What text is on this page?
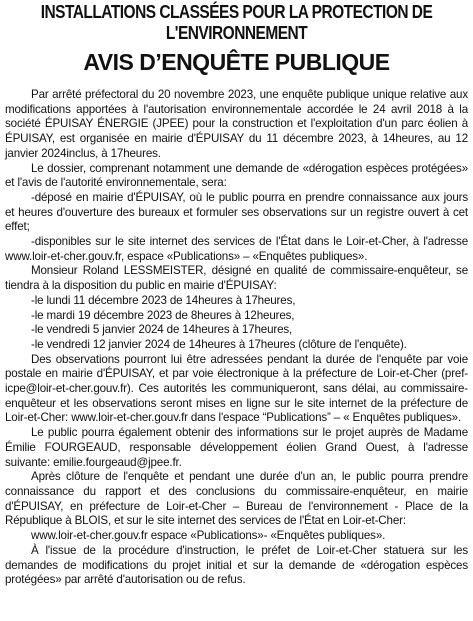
INSTALLATIONS CLASSÉES POUR LA PROTECTION DE
L'ENVIRONNEMENT
AVIS D’ENQUÊTE PUBLIQUE

Par arrêté préfectoral du 20 novembre 2023, une enquête publique unique relative aux modifications apportées à l'autorisation environnementale accordée le 24 avril 2018 à la société ÉPUISAY ÉNERGIE (JPEE) pour la construction et l'exploitation d'un parc éolien à ÉPUISAY, est organisée en mairie d'ÉPUISAY du 11 décembre 2023, à 14heures, au 12 janvier 2024inclus, à 17heures.

Le dossier, comprenant notamment une demande de «dérogation espèces protégées» et l'avis de l'autorité environnementale, sera:

-déposé en mairie d'ÉPUISAY, où le public pourra en prendre connaissance aux jours et heures d'ouverture des bureaux et formuler ses observations sur un registre ouvert à cet effet;

-disponibles sur le site internet des services de l'État dans le Loir-et-Cher, à l'adresse www.loir-et-cher.gouv.fr, espace «Publications» – «Enquêtes publiques».

Monsieur Roland LESSMEISTER, désigné en qualité de commissaire-enquêteur, se tiendra à la disposition du public en mairie d'ÉPUISAY:

-le lundi 11 décembre 2023 de 14heures à 17heures,

-le mardi 19 décembre 2023 de 8heures à 12heures,

-le vendredi 5 janvier 2024 de 14heures à 17heures,

-le vendredi 12 janvier 2024 de 14heures à 17heures (clôture de l'enquête).

Des observations pourront lui être adressées pendant la durée de l'enquête par voie postale en mairie d'ÉPUISAY, et par voie électronique à la préfecture de Loir-et-Cher (pref-icpe@loir-et-cher.gouv.fr). Ces autorités les communiqueront, sans délai, au commissaire-enquêteur et les observations seront mises en ligne sur le site internet de la préfecture de Loir-et-Cher: www.loir-et-cher.gouv.fr dans l'espace “Publications” – « Enquêtes publiques».

Le public pourra également obtenir des informations sur le projet auprès de Madame Émilie FOURGEAUD, responsable développement éolien Grand Ouest, à l'adresse suivante: emilie.fourgeaud@jpee.fr.

Après clôture de l'enquête et pendant une durée d'un an, le public pourra prendre connaissance du rapport et des conclusions du commissaire-enquêteur, en mairie d'ÉPUISAY, en préfecture de Loir-et-Cher – Bureau de l'environnement - Place de la République à BLOIS, et sur le site internet des services de l'État en Loir-et-Cher:

www.loir-et-cher.gouv.fr espace «Publications»- «Enquêtes publiques».

À l'issue de la procédure d'instruction, le préfet de Loir-et-Cher statuera sur les demandes de modifications du projet initial et sur la demande de «dérogation espèces protégées» par arrêté d'autorisation ou de refus.
